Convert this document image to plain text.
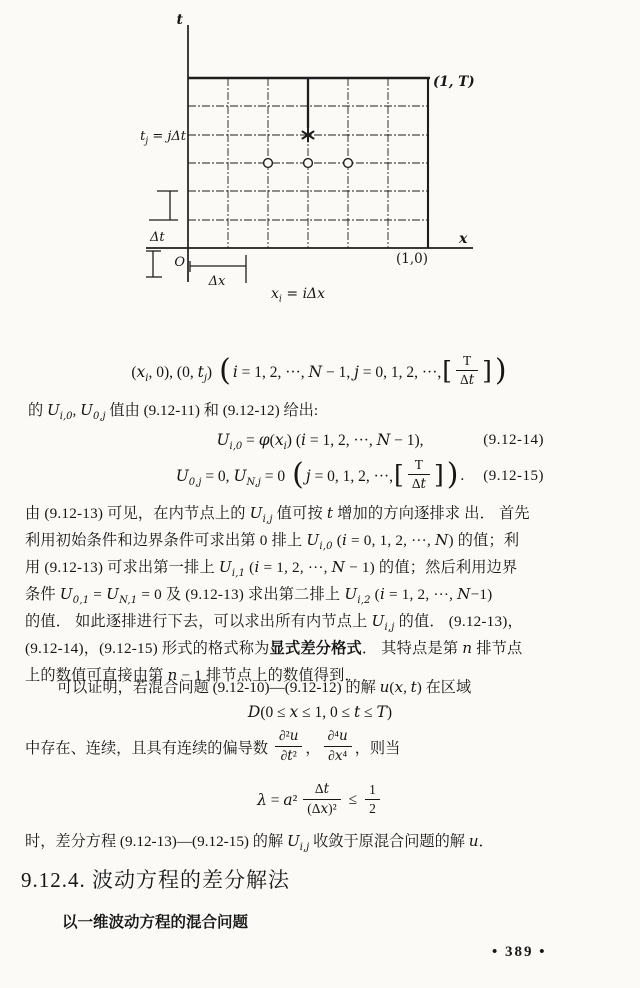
t
(1, T)
$t_j = j\Delta t$
Δt
O
Δx
(1,0)
x
$x_i = i\Delta x$
($x_i$, 0), (0, $t_j$) ( i = 1, 2, ···, N − 1, j = 0, 1, 2, ···, [ $\frac{T}{\Delta t}$ ] )
的 $U_{i,0}$, $U_{0,j}$ 值由 (9.12-11) 和 (9.12-12) 给出:
$U_{i,0} = \varphi(x_i) (i = 1$, 2, ···, N − 1),	(9.12-14)
$U_{0,j} = 0$, $U_{N,j} = 0$ ( j = 0, 1, 2, ···, [ $\frac{T}{\Delta t}$ ] ) . (9.12-15)
由 (9.12-13) 可见，在内节点上的 $U_{i,j}$ 值可按 t 增加的方向逐排求 出． 首先
利用初始条件和边界条件可求出第 0 排上 $U_{i,0}$ (i = 0, 1, 2, ···, N) 的值；利
用 (9.12-13) 可求出第一排上 $U_{i,1}$ (i = 1, 2, ···, N − 1) 的值；然后利用边界
条件 $U_{0,1} = U_{N,1} = 0$ 及 (9.12-13) 求出第二排上 $U_{i,2}$ (i = 1, 2, ···, N−1)
的值． 如此逐排进行下去，可以求出所有内节点上 $U_{i,j}$ 的值． (9.12-13)，
(9.12-14)，(9.12-15) 形式的格式称为显式差分格式． 其特点是第 n 排节点
上的数值可直接由第 n − 1 排节点上的数值得到．
可以证明，若混合问题 (9.12-10)—(9.12-12) 的解 u(x, t) 在区域
D(0 ≤ x ≤ 1, 0 ≤ t ≤ T)
中存在、连续，且具有连续的偏导数 $\frac{\text{∂²u}}{\text{∂t²}}$ ， $\frac{\text{∂⁴u}}{\text{∂x⁴}}$ ， 则当
$\lambda = a^2 \frac{\Delta t}{\text{(Δx)²}} \le \frac{1}{2}$
时，差分方程 (9.12-13)—(9.12-15) 的解 $U_{i,j}$ 收敛于原混合问题的解 u．
9.12.4. 波动方程的差分解法
以一维波动方程的混合问题
• 389 •
